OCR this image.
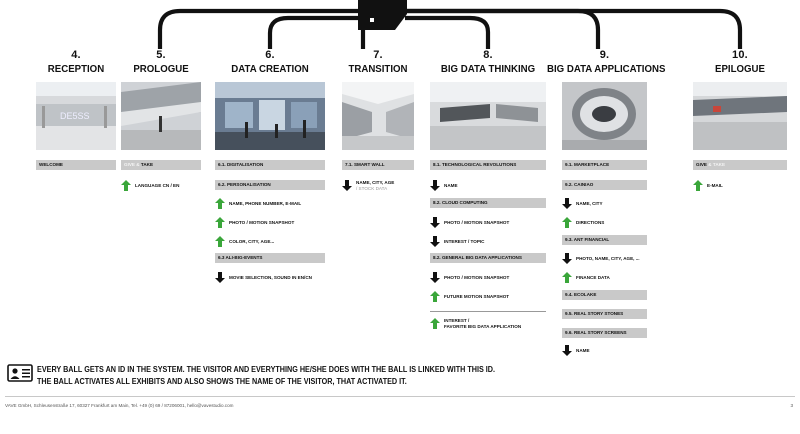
4.
RECEPTION
DE5SS
WELCOME
5.
PROLOGUE
GIVE & TAKE
LANGUAGE CN / EN
6.
DATA CREATION
6.1. DIGITALISATION
6.2. PERSONALISATION
NAME, PHONE NUMBER, E-MAIL
PHOTO / MOTION SNAPSHOT
COLOR, CITY, AGE...
6.3 ALI-BIG-EVENTS
MOVIE SELECTION, SOUND IN EN/CN
7.
TRANSITION
7.1. SMART WALL
NAME, CITY, AGE
/ STOCK DATA
8.
BIG DATA THINKING
8.1. TECHNOLOGICAL REVOLUTIONS
NAME
8.2. CLOUD COMPUTING
PHOTO / MOTION SNAPSHOT
INTEREST / TOPIC
8.2. GENERAL BIG DATA APPLICATIONS
PHOTO / MOTION SNAPSHOT
FUTURE MOTION SNAPSHOT
INTEREST /
FAVORITE BIG DATA APPLICATION
9.
BIG DATA APPLICATIONS
9.1. MARKETPLACE
9.2. CAINIAO
NAME, CITY
DIRECTIONS
9.3. ANT FINANCIAL
PHOTO, NAME, CITY, AGE, ...
FINANCE DATA
9.4. ECOLAKE
9.5. REAL STORY STONES
9.6. REAL STORY SCREENS
NAME
10.
EPILOGUE
GIVE & TAKE
E-MAIL
EVERY BALL GETS AN ID IN THE SYSTEM. THE VISITOR AND EVERYTHING HE/SHE DOES WITH THE BALL IS LINKED WITH THIS ID.
THE BALL ACTIVATES ALL EXHIBITS AND ALSO SHOWS THE NAME OF THE VISITOR, THAT ACTIVATED IT.
VAVE GmbH, Schleusenstraße 17, 60327 Frankfurt am Main, Tel. +49 (0) 69 / 87206001, hello@vavestudio.com	3
